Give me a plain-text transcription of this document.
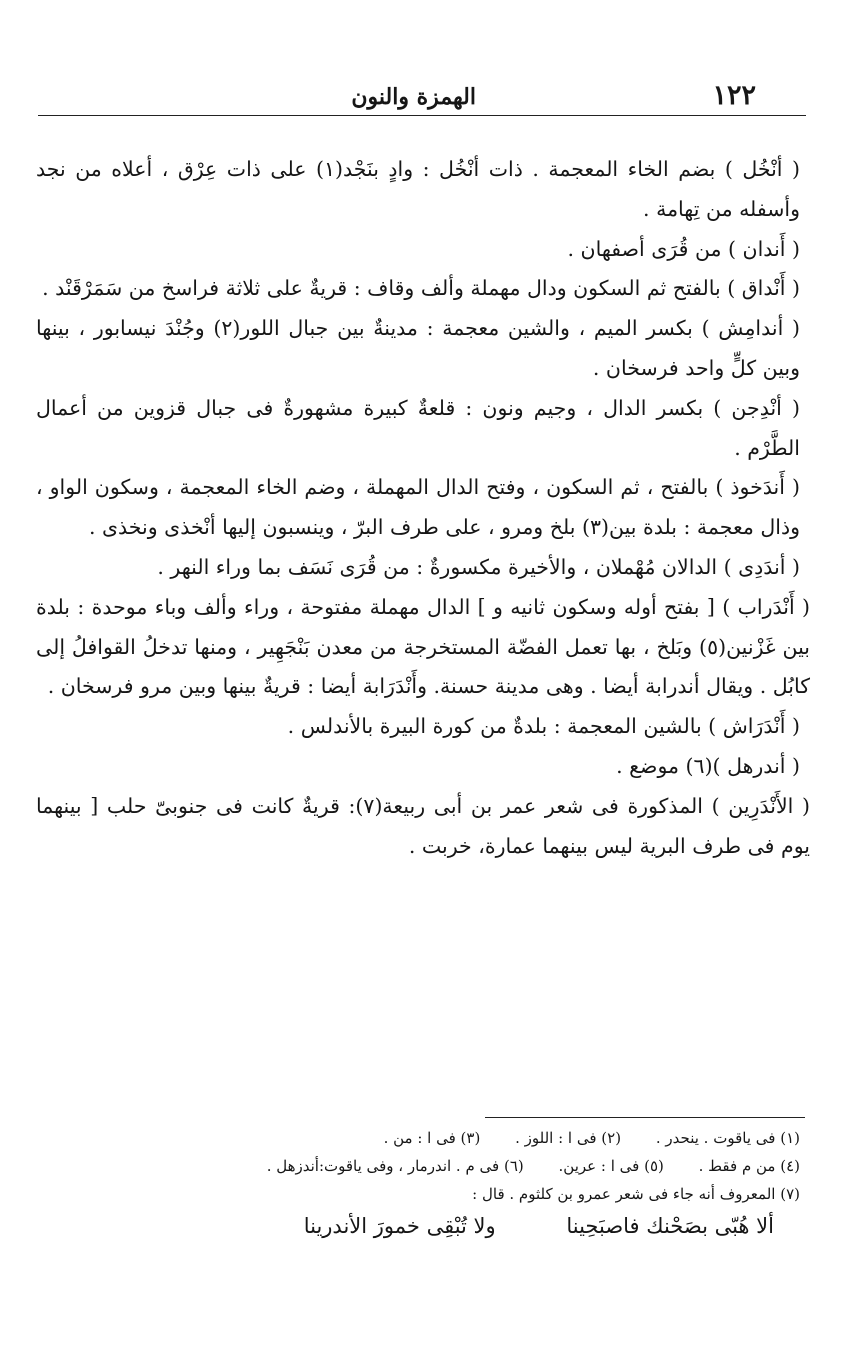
١٢٢
الهمزة والنون

( أنْخُل ) بضم الخاء المعجمة . ذات أنْخُل : وادٍ بنَجْد(١) على ذات عِرْق ، أعلاه من نجد وأسفله من تِهامة .

( أَندان ) من قُرَى أصفهان .

( أَنْداق ) بالفتح ثم السكون ودال مهملة وألف وقاف : قريةٌ على ثلاثة فراسخ من سَمَرْقَنْد .

( أندامِش ) بكسر الميم ، والشين معجمة : مدينةٌ بين جبال اللور(٢) وجُنْدَ نيسابور ، بينها وبين كلٍّ واحد فرسخان .

( أنْدِجن ) بكسر الدال ، وجيم ونون : قلعةٌ كبيرة مشهورةٌ فى جبال قزوين من أعمال الطَّرْم .

( أَندَخوذ ) بالفتح ، ثم السكون ، وفتح الدال المهملة ، وضم الخاء المعجمة ، وسكون الواو ، وذال معجمة : بلدة بين(٣) بلخ ومرو ، على طرف البرّ ، وينسبون إليها أنْخذى ونخذى .

( أندَدِى ) الدالان مُهْملان ، والأخيرة مكسورةٌ : من قُرَى نَسَف بما وراء النهر .

( أَنْدَراب ) [ بفتح أوله وسكون ثانيه و ] الدال مهملة مفتوحة ، وراء وألف وباء موحدة : بلدة بين غَزْنين(٥) وبَلخ ، بها تعمل الفضّة المستخرجة من معدن بَنْجَهِير ، ومنها تدخلُ القوافلُ إلى كابُل . ويقال أندرابة أيضا . وهى مدينة حسنة. وأَنْدَرَابة أيضا : قريةٌ بينها وبين مرو فرسخان .

( أَنْدَرَاش ) بالشين المعجمة : بلدةٌ من كورة البيرة بالأندلس .

( أندرهل )(٦) موضع .

( الأَنْدَرِين ) المذكورة فى شعر عمر بن أبى ربيعة(٧): قريةٌ كانت فى جنوبىّ حلب [ بينهما يوم فى طرف البرية ليس بينهما عمارة، خربت .

(١) فى ياقوت . ينحدر . (٢) فى ا : اللوز . (٣) فى ا : من .

(٤) من م فقط . (٥) فى ا : عرين. (٦) فى م . اندرمار ، وفى ياقوت:أندزهل .

(٧) المعروف أنه جاء فى شعر عمرو بن كلثوم . قال :

ألا هُبّى بصَحْنك فاصبَحِينا ولا تُبْقِى خمورَ الأندرينا
